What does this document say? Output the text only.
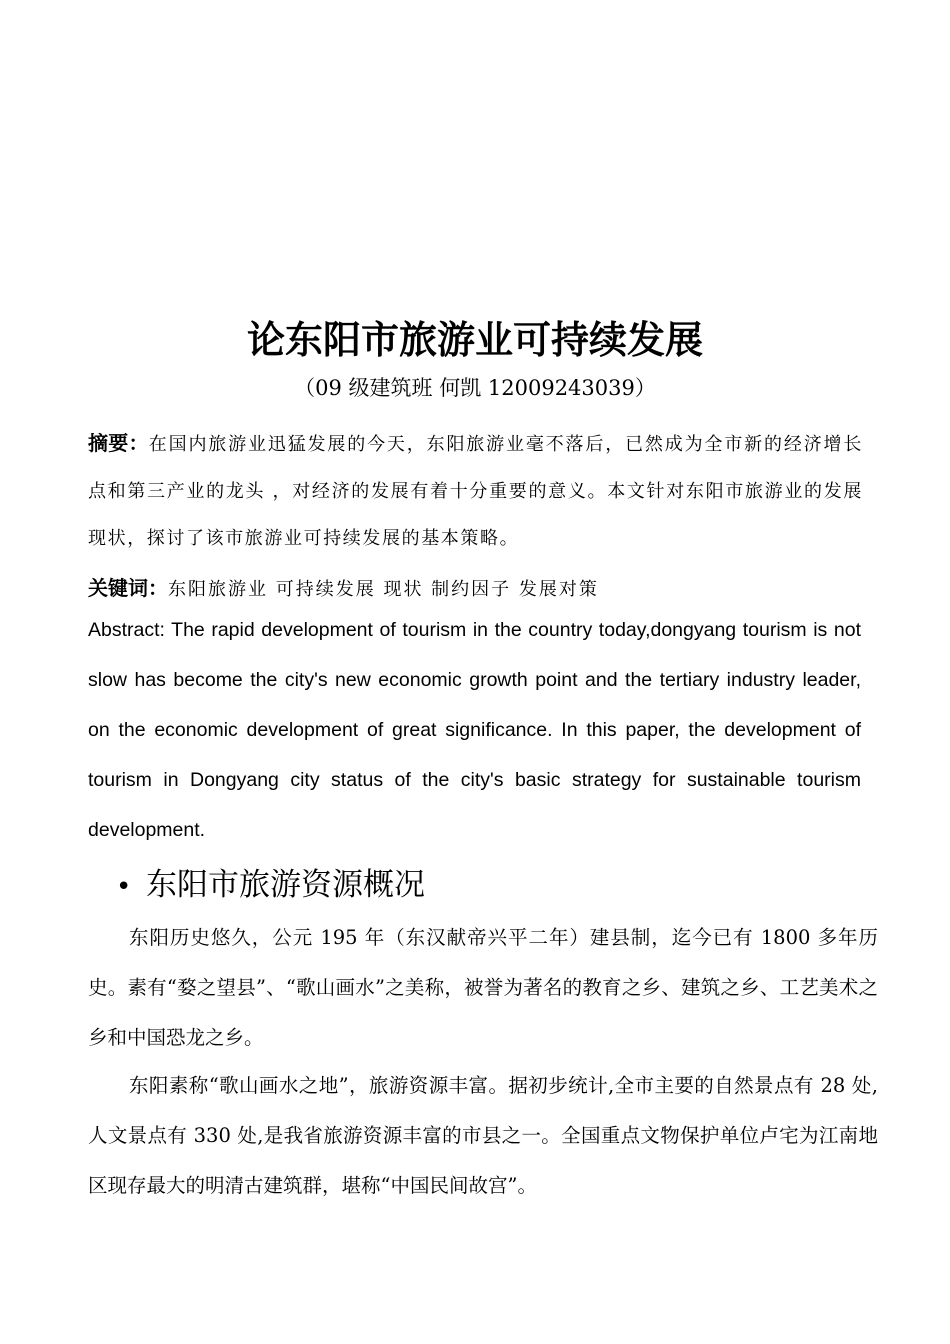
论东阳市旅游业可持续发展
（09 级建筑班 何凯 12009243039）
摘要：在国内旅游业迅猛发展的今天，东阳旅游业毫不落后，已然成为全市新的经济增长点和第三产业的龙头 ，对经济的发展有着十分重要的意义。本文针对东阳市旅游业的发展现状，探讨了该市旅游业可持续发展的基本策略。
关键词：东阳旅游业 可持续发展 现状 制约因子 发展对策
Abstract: The rapid development of tourism in the country today,dongyang tourism is not slow has become the city's new economic growth point and the tertiary industry leader, on the economic development of great significance. In this paper, the development of tourism in Dongyang city status of the city's basic strategy for sustainable tourism development.
• 东阳市旅游资源概况
东阳历史悠久，公元 195 年（东汉献帝兴平二年）建县制，迄今已有 1800 多年历史。素有“婺之望县”、“歌山画水”之美称，被誉为著名的教育之乡、建筑之乡、工艺美术之乡和中国恐龙之乡。
东阳素称“歌山画水之地”，旅游资源丰富。据初步统计,全市主要的自然景点有 28 处,人文景点有 330 处,是我省旅游资源丰富的市县之一。全国重点文物保护单位卢宅为江南地区现存最大的明清古建筑群，堪称“中国民间故宫”。
